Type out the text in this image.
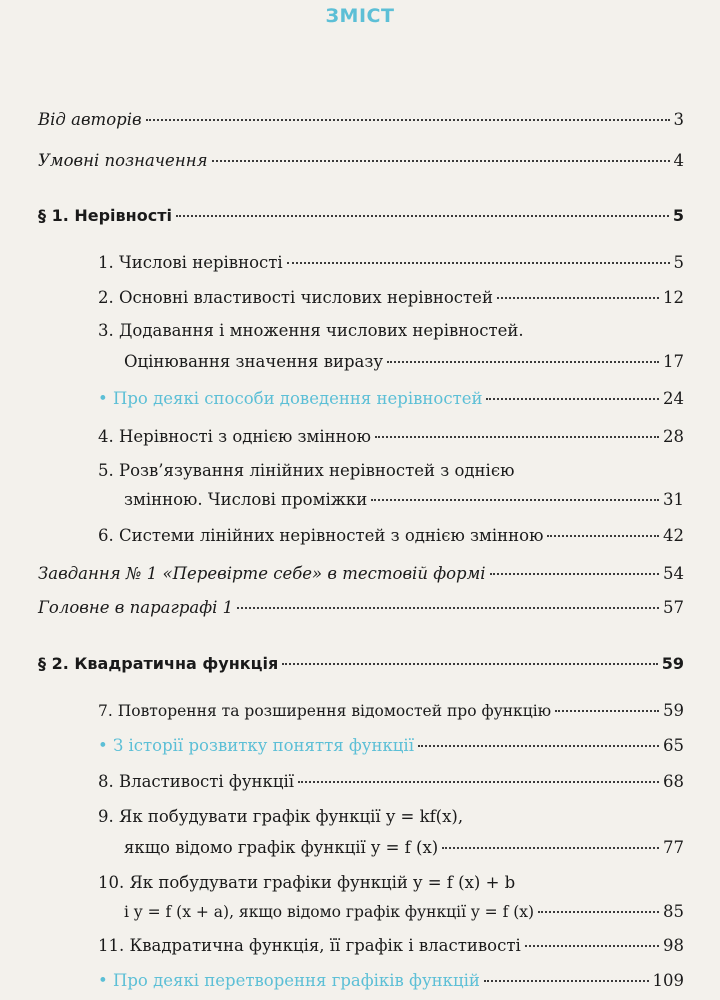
ЗМІСТ
Від авторів	3
Умовні позначення	4
§ 1. Нерівності	5
1. Числові нерівності	5
2. Основні властивості числових нерівностей	12
3. Додавання і множення числових нерівностей.
Оцінювання значення виразу	17
• Про деякі способи доведення нерівностей	24
4. Нерівності з однією змінною	28
5. Розв’язування лінійних нерівностей з однією
змінною. Числові проміжки	31
6. Системи лінійних нерівностей з однією змінною	42
Завдання № 1 «Перевірте себе» в тестовій формі	54
Головне в параграфі 1	57
§ 2. Квадратична функція	59
7. Повторення та розширення відомостей про функцію	59
• З історії розвитку поняття функції	65
8. Властивості функції	68
9. Як побудувати графік функції y = kf(x),
якщо відомо графік функції y = f (x)	77
10. Як побудувати графіки функцій y = f (x) + b
і y = f (x + a), якщо відомо графік функції y = f (x)	85
11. Квадратична функція, її графік і властивості	98
• Про деякі перетворення графіків функцій	109
